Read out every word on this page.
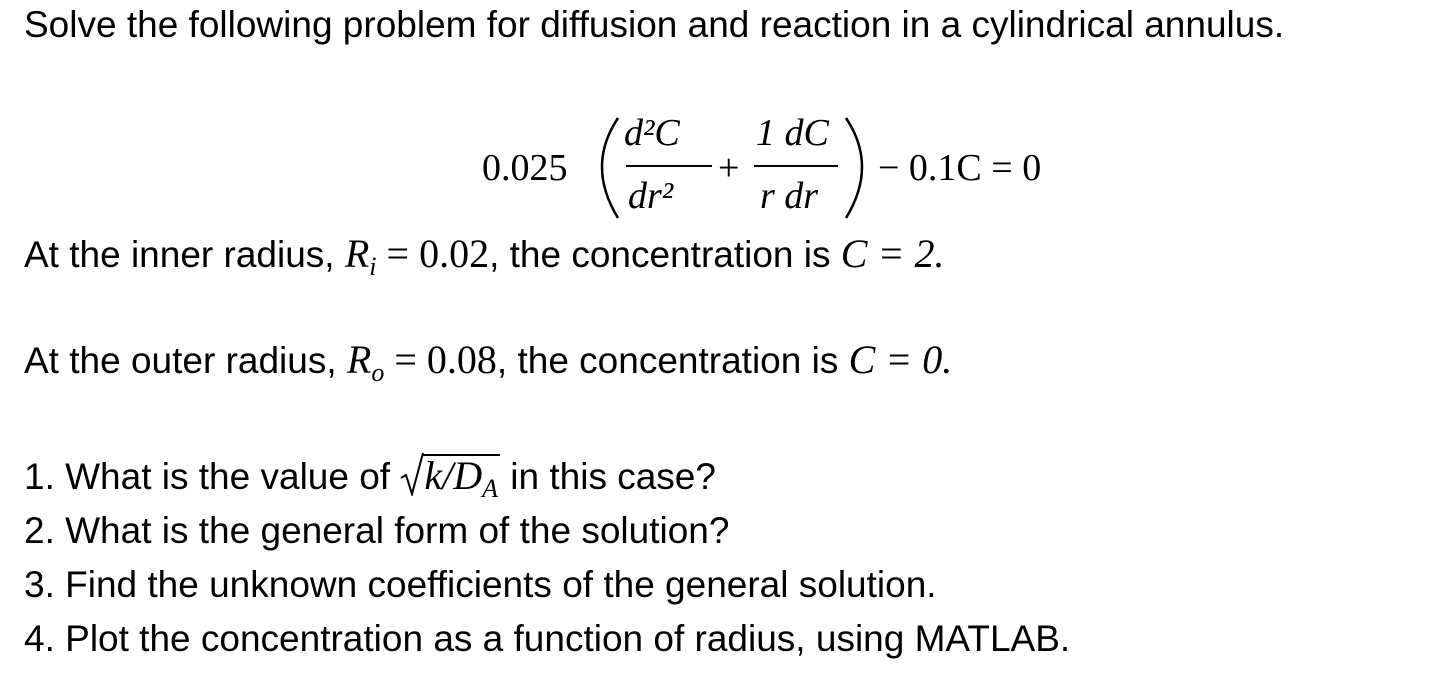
Solve the following problem for diffusion and reaction in a cylindrical annulus.
0.025
d²C
dr²
+
1 dC
r dr
− 0.1C = 0
At the inner radius, $R_i = 0.02$, the concentration is C = 2.
At the outer radius, $R_o = 0.08$, the concentration is C = 0.
1. What is the value of
$k/D_A$ in this case?
2. What is the general form of the solution?
3. Find the unknown coefficients of the general solution.
4. Plot the concentration as a function of radius, using MATLAB.
